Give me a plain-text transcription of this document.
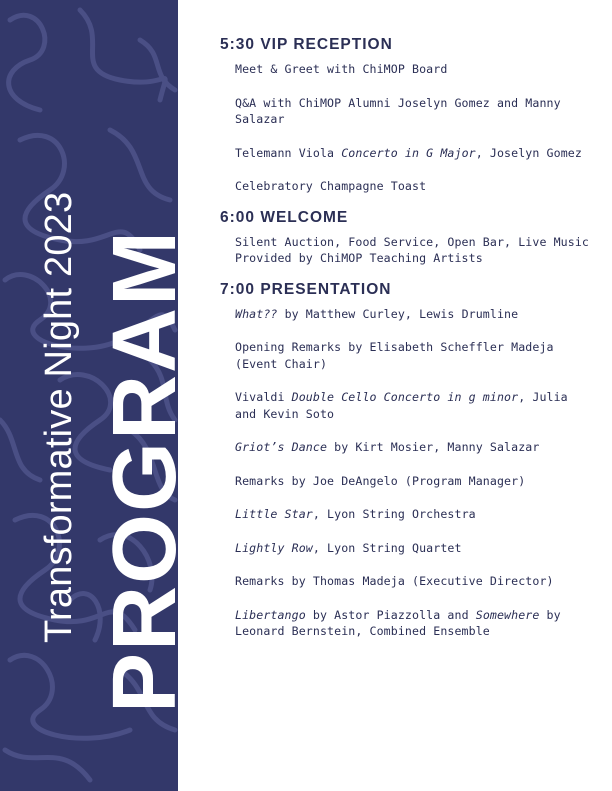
PROGRAM
Transformative Night 2023
5:30 VIP RECEPTION
Meet & Greet with ChiMOP Board
Q&A with ChiMOP Alumni Joselyn Gomez and Manny Salazar
Telemann Viola Concerto in G Major, Joselyn Gomez
Celebratory Champagne Toast
6:00 WELCOME
Silent Auction, Food Service, Open Bar, Live Music Provided by ChiMOP Teaching Artists
7:00 PRESENTATION
What?? by Matthew Curley, Lewis Drumline
Opening Remarks by Elisabeth Scheffler Madeja (Event Chair)
Vivaldi Double Cello Concerto in g minor, Julia and Kevin Soto
Griot’s Dance by Kirt Mosier, Manny Salazar
Remarks by Joe DeAngelo (Program Manager)
Little Star, Lyon String Orchestra
Lightly Row, Lyon String Quartet
Remarks by Thomas Madeja (Executive Director)
Libertango by Astor Piazzolla and Somewhere by Leonard Bernstein, Combined Ensemble
